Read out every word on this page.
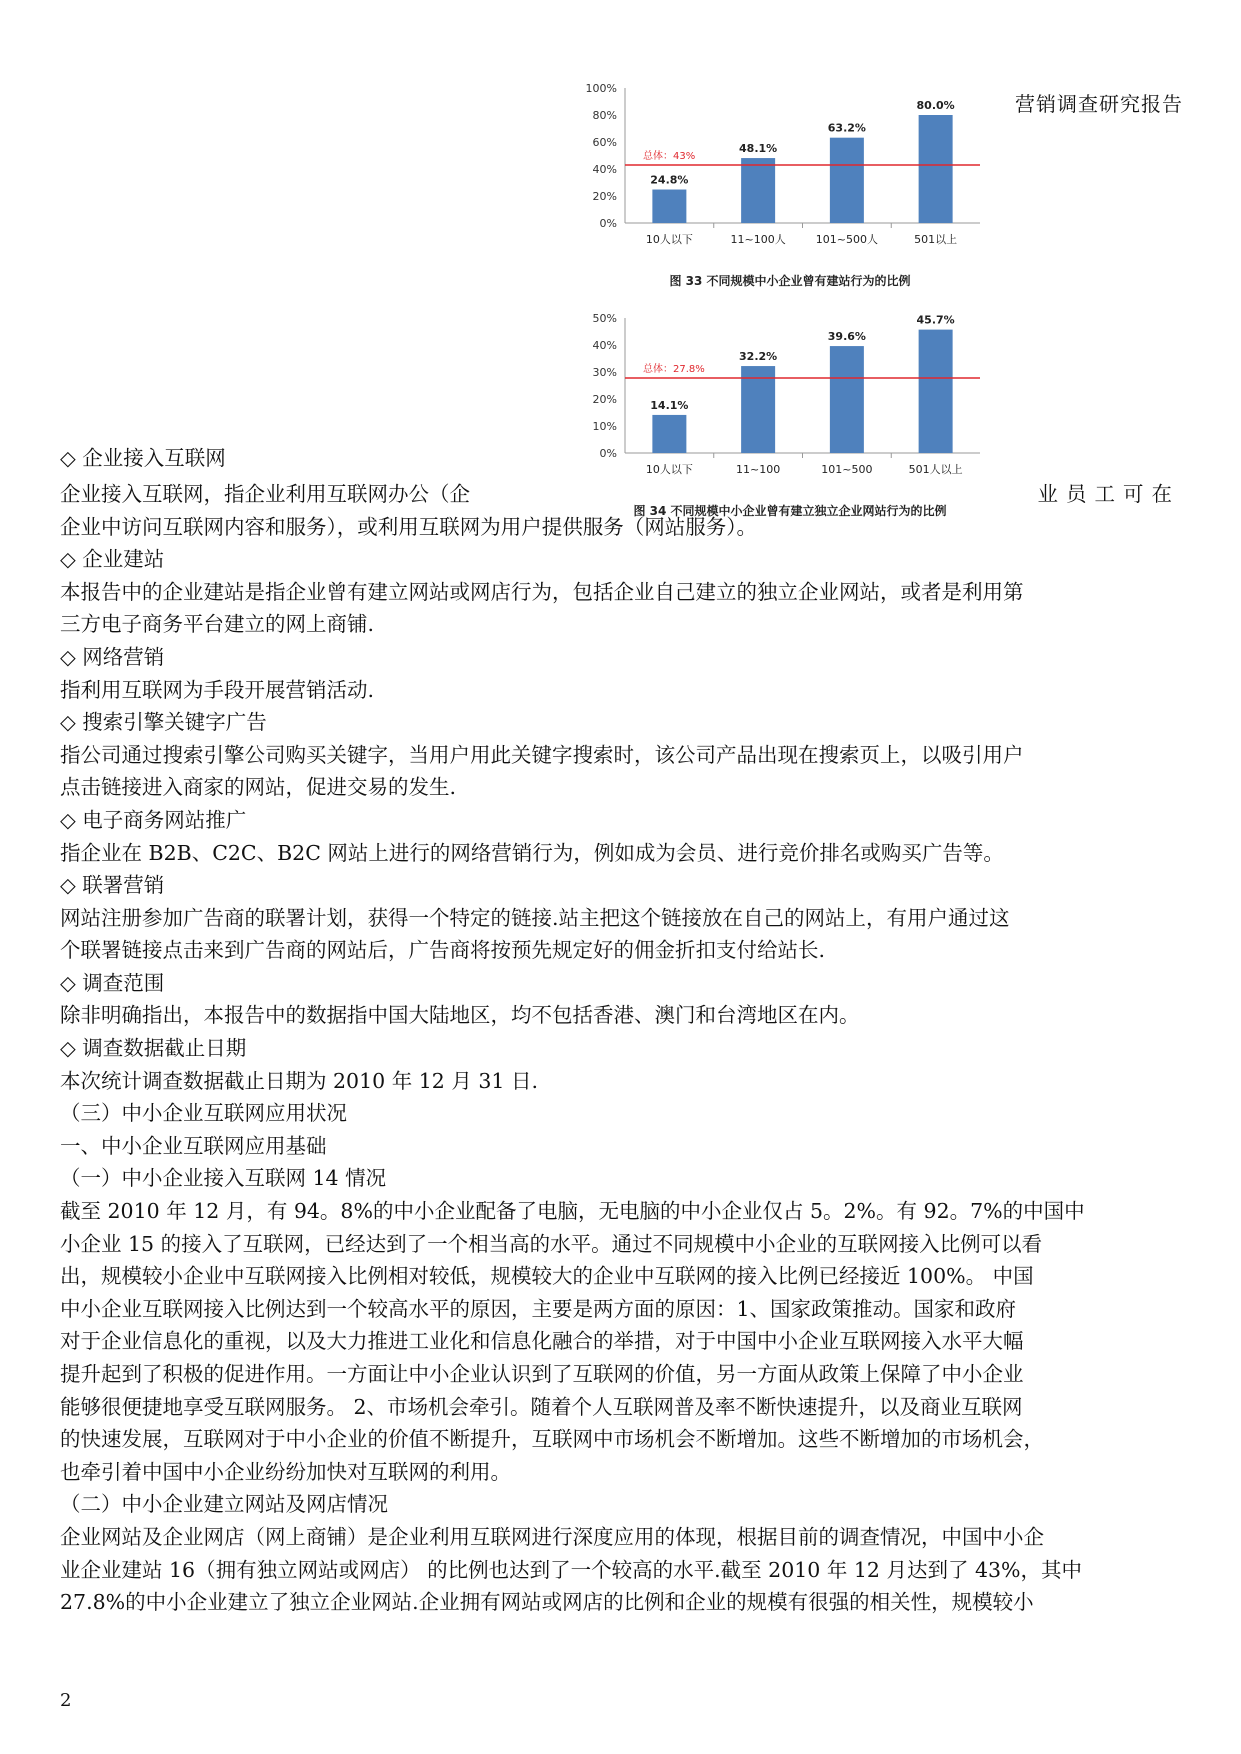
营销调查研究报告
100%
80%
60%
40%
20%
0%
24.8%
10人以下
48.1%
11~100人
63.2%
101~500人
80.0%
501以上
总体：43%
图 33 不同规模中小企业曾有建站行为的比例
50%
40%
30%
20%
10%
0%
14.1%
10人以下
32.2%
11~100
39.6%
101~500
45.7%
501人以上
总体：27.8%
图 34 不同规模中小企业曾有建立独立企业网站行为的比例
◇ 企业接入互联网
企业接入互联网，指企业利用互联网办公（企	业员工可在
企业中访问互联网内容和服务），或利用互联网为用户提供服务（网站服务）。
◇ 企业建站
本报告中的企业建站是指企业曾有建立网站或网店行为，包括企业自己建立的独立企业网站，或者是利用第
三方电子商务平台建立的网上商铺.
◇ 网络营销
指利用互联网为手段开展营销活动.
◇ 搜索引擎关键字广告
指公司通过搜索引擎公司购买关键字，当用户用此关键字搜索时，该公司产品出现在搜索页上，以吸引用户
点击链接进入商家的网站，促进交易的发生.
◇ 电子商务网站推广
指企业在 B2B、C2C、B2C 网站上进行的网络营销行为，例如成为会员、进行竞价排名或购买广告等。
◇ 联署营销
网站注册参加广告商的联署计划，获得一个特定的链接.站主把这个链接放在自己的网站上，有用户通过这
个联署链接点击来到广告商的网站后，广告商将按预先规定好的佣金折扣支付给站长.
◇ 调查范围
除非明确指出，本报告中的数据指中国大陆地区，均不包括香港、澳门和台湾地区在内。
◇ 调查数据截止日期
本次统计调查数据截止日期为 2010 年 12 月 31 日.
（三）中小企业互联网应用状况
一、中小企业互联网应用基础
（一）中小企业接入互联网 14 情况
截至 2010 年 12 月，有 94。8%的中小企业配备了电脑，无电脑的中小企业仅占 5。2%。有 92。7%的中国中
小企业 15 的接入了互联网，已经达到了一个相当高的水平。通过不同规模中小企业的互联网接入比例可以看
出，规模较小企业中互联网接入比例相对较低，规模较大的企业中互联网的接入比例已经接近 100%。 中国
中小企业互联网接入比例达到一个较高水平的原因，主要是两方面的原因：1、国家政策推动。国家和政府
对于企业信息化的重视，以及大力推进工业化和信息化融合的举措，对于中国中小企业互联网接入水平大幅
提升起到了积极的促进作用。一方面让中小企业认识到了互联网的价值，另一方面从政策上保障了中小企业
能够很便捷地享受互联网服务。 2、市场机会牵引。随着个人互联网普及率不断快速提升，以及商业互联网
的快速发展，互联网对于中小企业的价值不断提升，互联网中市场机会不断增加。这些不断增加的市场机会，
也牵引着中国中小企业纷纷加快对互联网的利用。
（二）中小企业建立网站及网店情况
企业网站及企业网店（网上商铺）是企业利用互联网进行深度应用的体现，根据目前的调查情况，中国中小企
业企业建站 16（拥有独立网站或网店） 的比例也达到了一个较高的水平.截至 2010 年 12 月达到了 43%，其中
27.8%的中小企业建立了独立企业网站.企业拥有网站或网店的比例和企业的规模有很强的相关性，规模较小
2
